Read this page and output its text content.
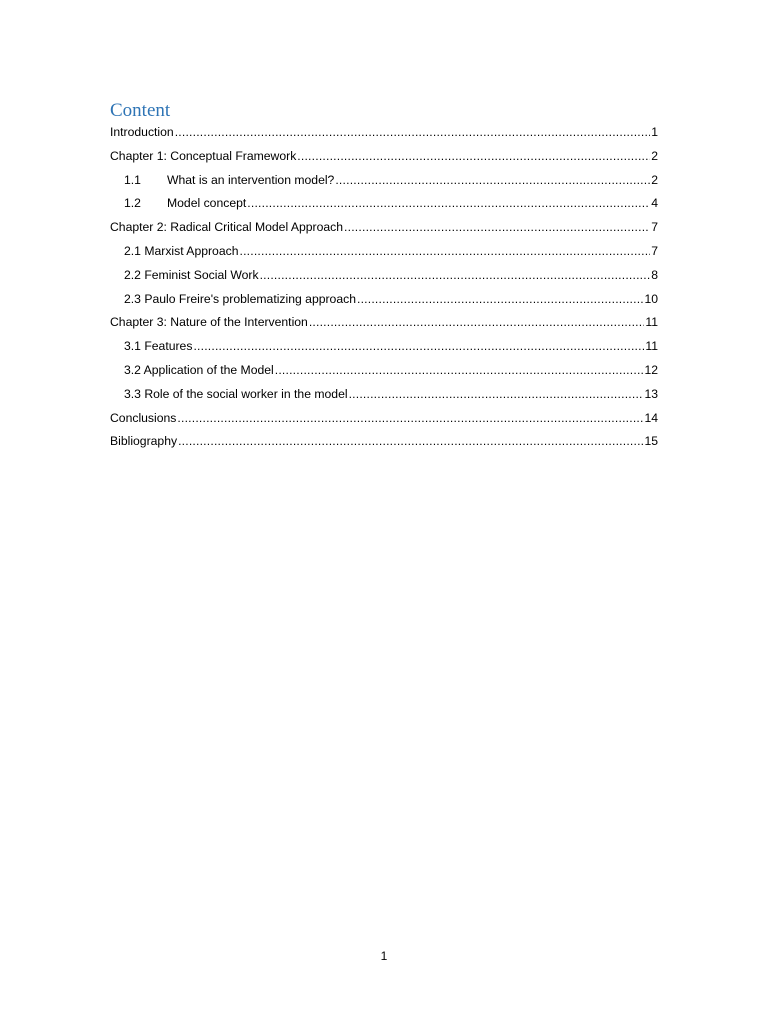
Content
Introduction .....	1
Chapter 1: Conceptual Framework .....	2
1.1	What is an intervention model? .....	2
1.2	Model concept .....	4
Chapter 2: Radical Critical Model Approach .....	7
2.1 Marxist Approach .....	7
2.2 Feminist Social Work .....	8
2.3 Paulo Freire's problematizing approach .....	10
Chapter 3: Nature of the Intervention .....	11
3.1 Features .....	11
3.2 Application of the Model .....	12
3.3 Role of the social worker in the model .....	13
Conclusions .....	14
Bibliography .....	15
1
